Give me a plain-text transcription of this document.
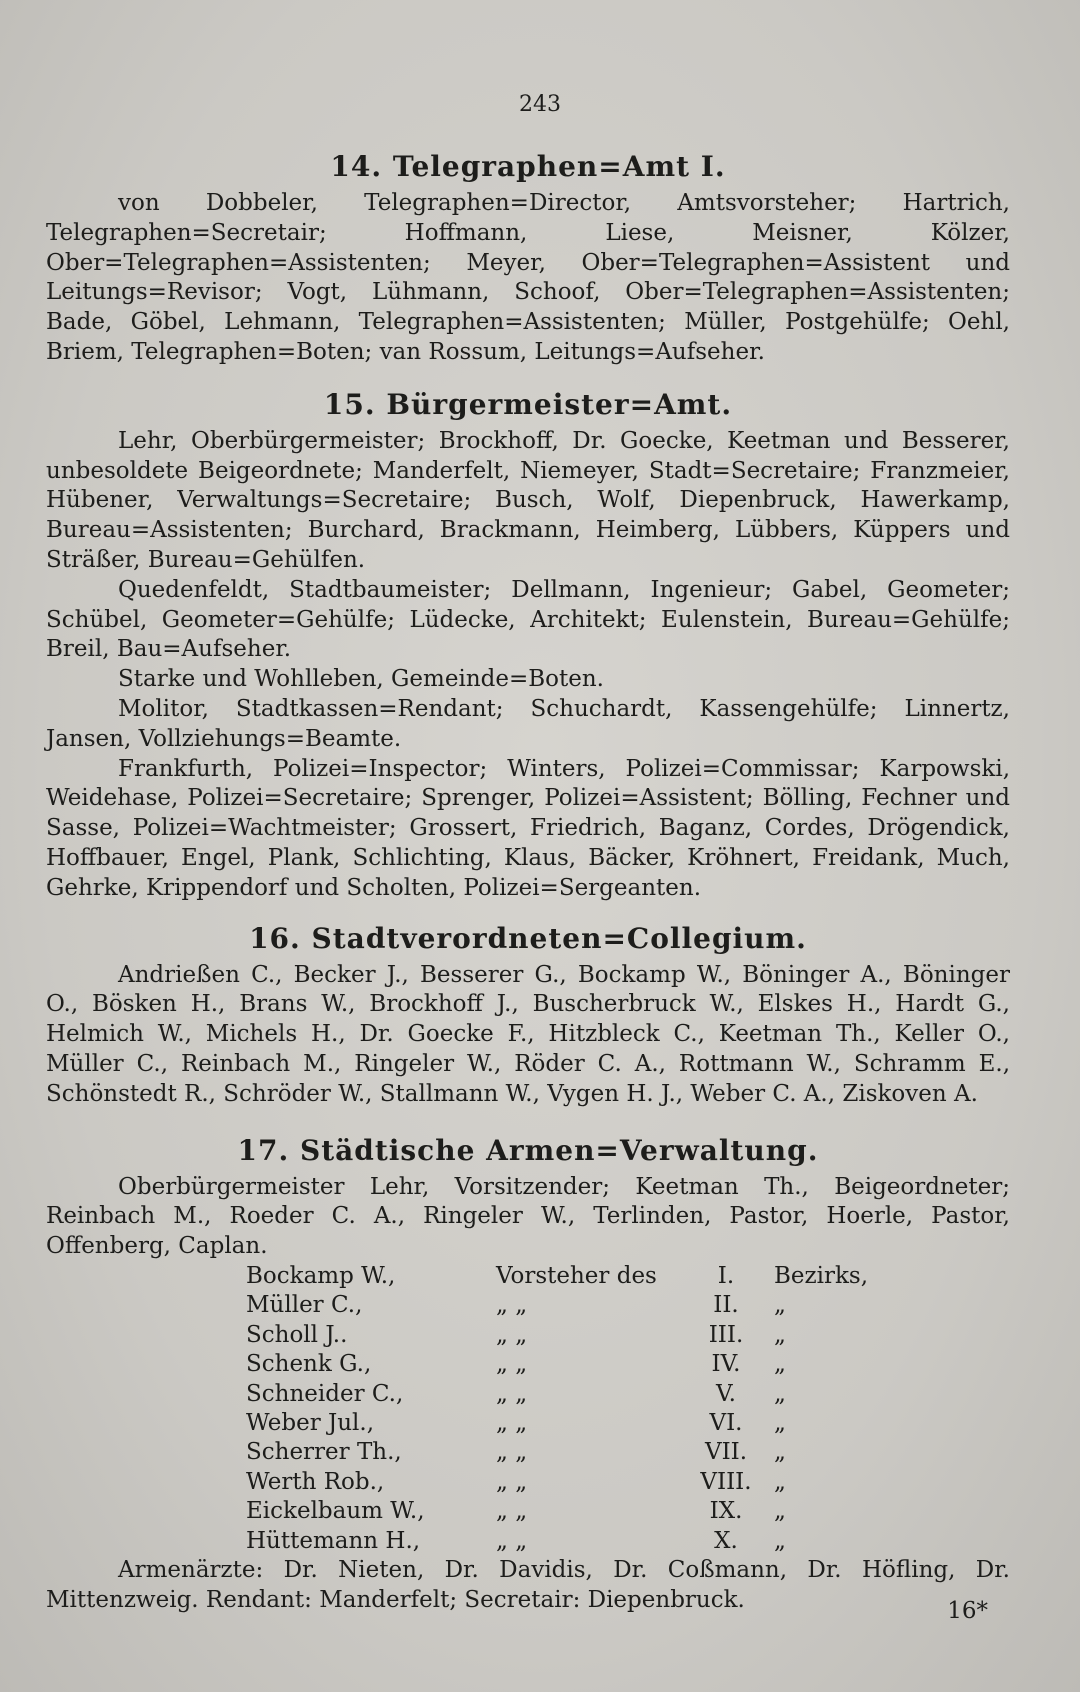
243
14. Telegraphen=Amt I.

von Dobbeler, Telegraphen=Director, Amtsvorsteher; Hartrich, Telegraphen=Secretair; Hoffmann, Liese, Meisner, Kölzer, Ober=Telegraphen=Assistenten; Meyer, Ober=Telegraphen=Assistent und Leitungs=Revisor; Vogt, Lühmann, Schoof, Ober=Telegraphen=Assistenten; Bade, Göbel, Lehmann, Telegraphen=Assistenten; Müller, Postgehülfe; Oehl, Briem, Telegraphen=Boten; van Rossum, Leitungs=Aufseher.

15. Bürgermeister=Amt.

Lehr, Oberbürgermeister; Brockhoff, Dr. Goecke, Keetman und Besserer, unbesoldete Beigeordnete; Manderfelt, Niemeyer, Stadt=Secretaire; Franzmeier, Hübener, Verwaltungs=Secretaire; Busch, Wolf, Diepenbruck, Hawerkamp, Bureau=Assistenten; Burchard, Brackmann, Heimberg, Lübbers, Küppers und Sträßer, Bureau=Gehülfen.

Quedenfeldt, Stadtbaumeister; Dellmann, Ingenieur; Gabel, Geometer; Schübel, Geometer=Gehülfe; Lüdecke, Architekt; Eulenstein, Bureau=Gehülfe; Breil, Bau=Aufseher.

Starke und Wohlleben, Gemeinde=Boten.

Molitor, Stadtkassen=Rendant; Schuchardt, Kassengehülfe; Linnertz, Jansen, Vollziehungs=Beamte.

Frankfurth, Polizei=Inspector; Winters, Polizei=Commissar; Karpowski, Weidehase, Polizei=Secretaire; Sprenger, Polizei=Assistent; Bölling, Fechner und Sasse, Polizei=Wachtmeister; Grossert, Friedrich, Baganz, Cordes, Drögendick, Hoffbauer, Engel, Plank, Schlichting, Klaus, Bäcker, Kröhnert, Freidank, Much, Gehrke, Krippendorf und Scholten, Polizei=Sergeanten.

16. Stadtverordneten=Collegium.

Andrießen C., Becker J., Besserer G., Bockamp W., Böninger A., Böninger O., Bösken H., Brans W., Brockhoff J., Buscherbruck W., Elskes H., Hardt G., Helmich W., Michels H., Dr. Goecke F., Hitzbleck C., Keetman Th., Keller O., Müller C., Reinbach M., Ringeler W., Röder C. A., Rottmann W., Schramm E., Schönstedt R., Schröder W., Stallmann W., Vygen H. J., Weber C. A., Ziskoven A.

17. Städtische Armen=Verwaltung.

Oberbürgermeister Lehr, Vorsitzender; Keetman Th., Beigeordneter; Reinbach M., Roeder C. A., Ringeler W., Terlinden, Pastor, Hoerle, Pastor, Offenberg, Caplan.

Bockamp W.,	Vorsteher des	I.	Bezirks,
Müller C.,	„ „	II.	„
Scholl J..	„ „	III.	„
Schenk G.,	„ „	IV.	„
Schneider C.,	„ „	V.	„
Weber Jul.,	„ „	VI.	„
Scherrer Th.,	„ „	VII.	„
Werth Rob.,	„ „	VIII.	„
Eickelbaum W.,	„ „	IX.	„
Hüttemann H.,	„ „	X.	„

Armenärzte: Dr. Nieten, Dr. Davidis, Dr. Coßmann, Dr. Höfling, Dr. Mittenzweig. Rendant: Manderfelt; Secretair: Diepenbruck.	16*
